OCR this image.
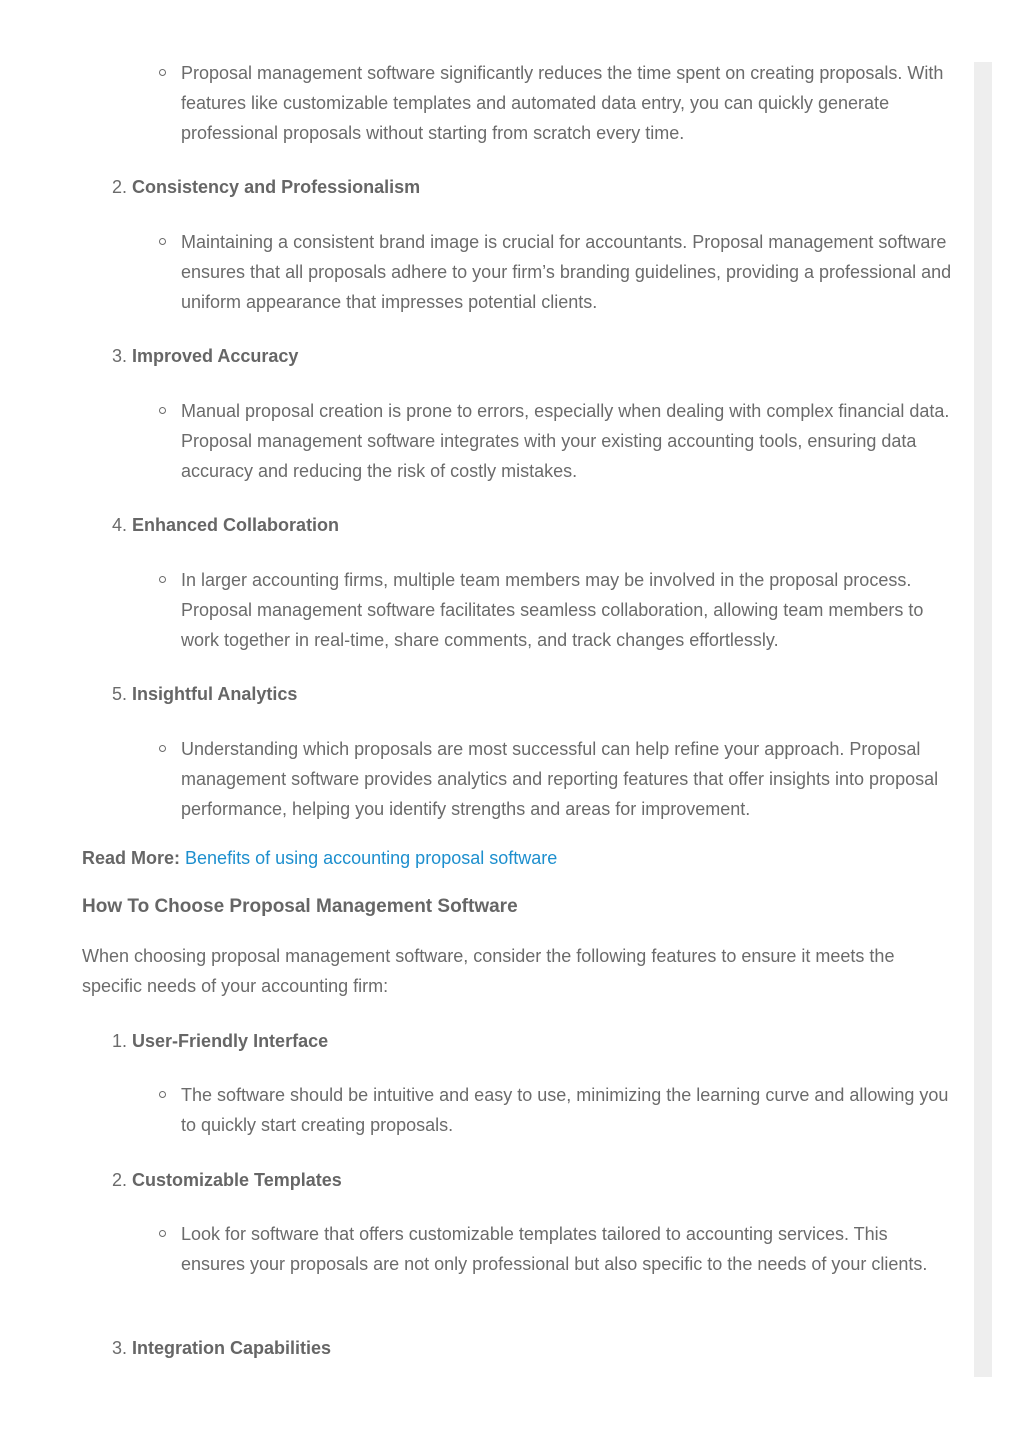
Proposal management software significantly reduces the time spent on creating proposals. With features like customizable templates and automated data entry, you can quickly generate professional proposals without starting from scratch every time.
2. Consistency and Professionalism
Maintaining a consistent brand image is crucial for accountants. Proposal management software ensures that all proposals adhere to your firm’s branding guidelines, providing a professional and uniform appearance that impresses potential clients.
3. Improved Accuracy
Manual proposal creation is prone to errors, especially when dealing with complex financial data. Proposal management software integrates with your existing accounting tools, ensuring data accuracy and reducing the risk of costly mistakes.
4. Enhanced Collaboration
In larger accounting firms, multiple team members may be involved in the proposal process. Proposal management software facilitates seamless collaboration, allowing team members to work together in real-time, share comments, and track changes effortlessly.
5. Insightful Analytics
Understanding which proposals are most successful can help refine your approach. Proposal management software provides analytics and reporting features that offer insights into proposal performance, helping you identify strengths and areas for improvement.
Read More: Benefits of using accounting proposal software
How To Choose Proposal Management Software

When choosing proposal management software, consider the following features to ensure it meets the specific needs of your accounting firm:

1. User-Friendly Interface
The software should be intuitive and easy to use, minimizing the learning curve and allowing you to quickly start creating proposals.
2. Customizable Templates
Look for software that offers customizable templates tailored to accounting services. This ensures your proposals are not only professional but also specific to the needs of your clients.
3. Integration Capabilities
